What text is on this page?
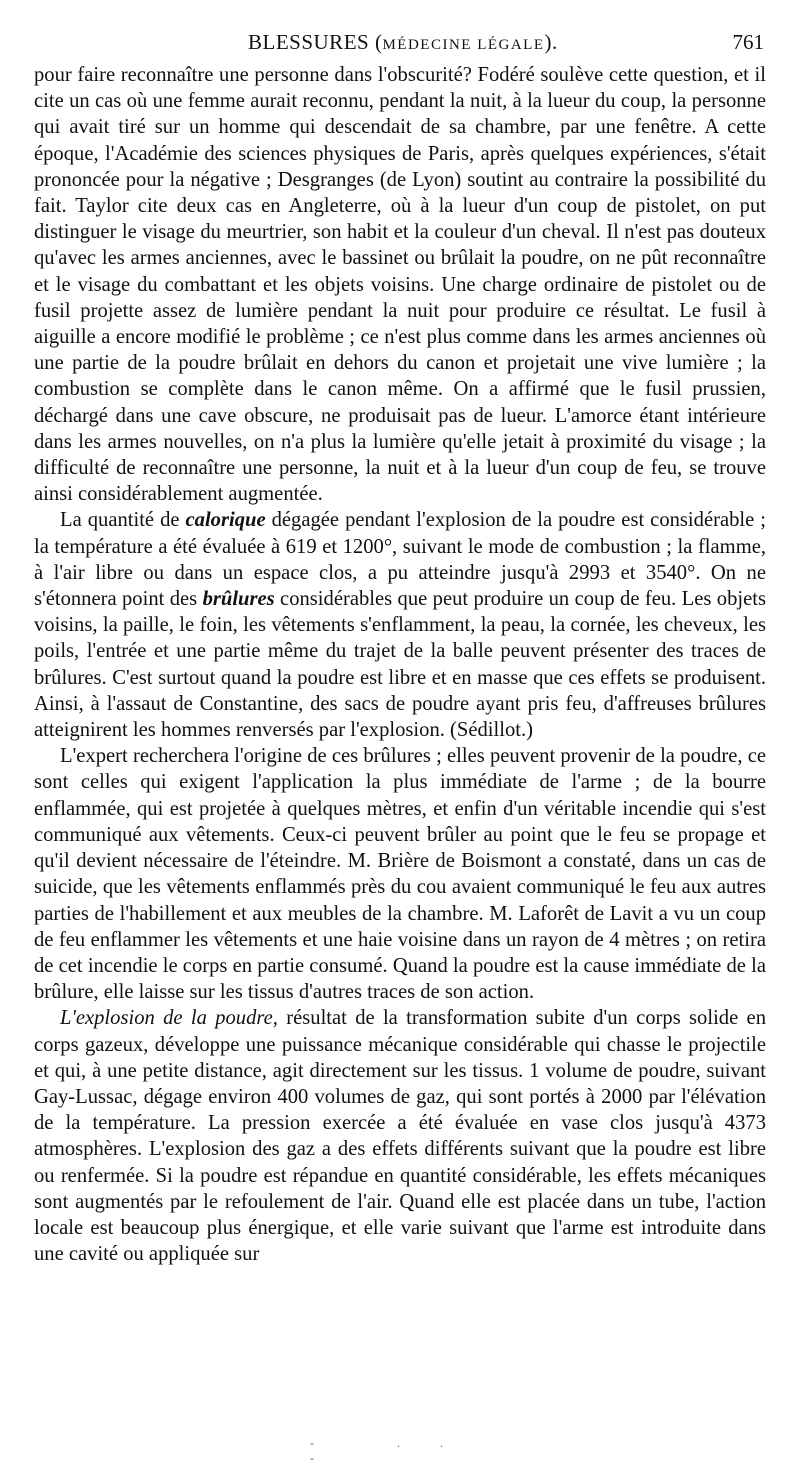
BLESSURES (MÉDECINE LÉGALE).	761

pour faire reconnaître une personne dans l'obscurité? Fodéré soulève cette question, et il cite un cas où une femme aurait reconnu, pendant la nuit, à la lueur du coup, la personne qui avait tiré sur un homme qui descendait de sa chambre, par une fenêtre. A cette époque, l'Académie des sciences physiques de Paris, après quelques expériences, s'était prononcée pour la négative ; Desgranges (de Lyon) soutint au contraire la possibilité du fait. Taylor cite deux cas en Angleterre, où à la lueur d'un coup de pistolet, on put distinguer le visage du meurtrier, son habit et la couleur d'un cheval. Il n'est pas douteux qu'avec les armes anciennes, avec le bassinet ou brûlait la poudre, on ne pût reconnaître et le visage du combattant et les objets voisins. Une charge ordinaire de pistolet ou de fusil projette assez de lumière pendant la nuit pour produire ce résultat. Le fusil à aiguille a encore modifié le problème ; ce n'est plus comme dans les armes anciennes où une partie de la poudre brûlait en dehors du canon et projetait une vive lumière ; la combustion se complète dans le canon même. On a affirmé que le fusil prussien, déchargé dans une cave obscure, ne produisait pas de lueur. L'amorce étant intérieure dans les armes nouvelles, on n'a plus la lumière qu'elle jetait à proximité du visage ; la difficulté de reconnaître une personne, la nuit et à la lueur d'un coup de feu, se trouve ainsi considérablement augmentée.

La quantité de calorique dégagée pendant l'explosion de la poudre est considérable ; la température a été évaluée à 619 et 1200°, suivant le mode de combustion ; la flamme, à l'air libre ou dans un espace clos, a pu atteindre jusqu'à 2993 et 3540°. On ne s'étonnera point des brûlures considérables que peut produire un coup de feu. Les objets voisins, la paille, le foin, les vêtements s'enflamment, la peau, la cornée, les cheveux, les poils, l'entrée et une partie même du trajet de la balle peuvent présenter des traces de brûlures. C'est surtout quand la poudre est libre et en masse que ces effets se produisent. Ainsi, à l'assaut de Constantine, des sacs de poudre ayant pris feu, d'affreuses brûlures atteignirent les hommes renversés par l'explosion. (Sédillot.)

L'expert recherchera l'origine de ces brûlures ; elles peuvent provenir de la poudre, ce sont celles qui exigent l'application la plus immédiate de l'arme ; de la bourre enflammée, qui est projetée à quelques mètres, et enfin d'un véritable incendie qui s'est communiqué aux vêtements. Ceux-ci peuvent brûler au point que le feu se propage et qu'il devient nécessaire de l'éteindre. M. Brière de Boismont a constaté, dans un cas de suicide, que les vêtements enflammés près du cou avaient communiqué le feu aux autres parties de l'habillement et aux meubles de la chambre. M. Laforêt de Lavit a vu un coup de feu enflammer les vêtements et une haie voisine dans un rayon de 4 mètres ; on retira de cet incendie le corps en partie consumé. Quand la poudre est la cause immédiate de la brûlure, elle laisse sur les tissus d'autres traces de son action.

L'explosion de la poudre, résultat de la transformation subite d'un corps solide en corps gazeux, développe une puissance mécanique considérable qui chasse le projectile et qui, à une petite distance, agit directement sur les tissus. 1 volume de poudre, suivant Gay-Lussac, dégage environ 400 volumes de gaz, qui sont portés à 2000 par l'élévation de la température. La pression exercée a été évaluée en vase clos jusqu'à 4373 atmosphères. L'explosion des gaz a des effets différents suivant que la poudre est libre ou renfermée. Si la poudre est répandue en quantité considérable, les effets mécaniques sont augmentés par le refoulement de l'air. Quand elle est placée dans un tube, l'action locale est beaucoup plus énergique, et elle varie suivant que l'arme est introduite dans une cavité ou appliquée sur

- .. -
